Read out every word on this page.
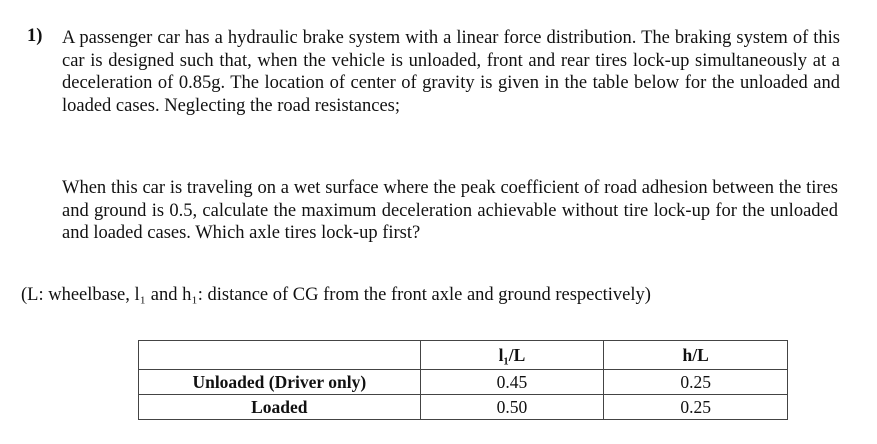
1) A passenger car has a hydraulic brake system with a linear force distribution. The braking system of this car is designed such that, when the vehicle is unloaded, front and rear tires lock-up simultaneously at a deceleration of 0.85g. The location of center of gravity is given in the table below for the unloaded and loaded cases. Neglecting the road resistances;
When this car is traveling on a wet surface where the peak coefficient of road adhesion between the tires and ground is 0.5, calculate the maximum deceleration achievable without tire lock-up for the unloaded and loaded cases. Which axle tires lock-up first?
(L: wheelbase, l₁ and h₁: distance of CG from the front axle and ground respectively)
	l₁/L	h/L
Unloaded (Driver only)	0.45	0.25
Loaded	0.50	0.25
